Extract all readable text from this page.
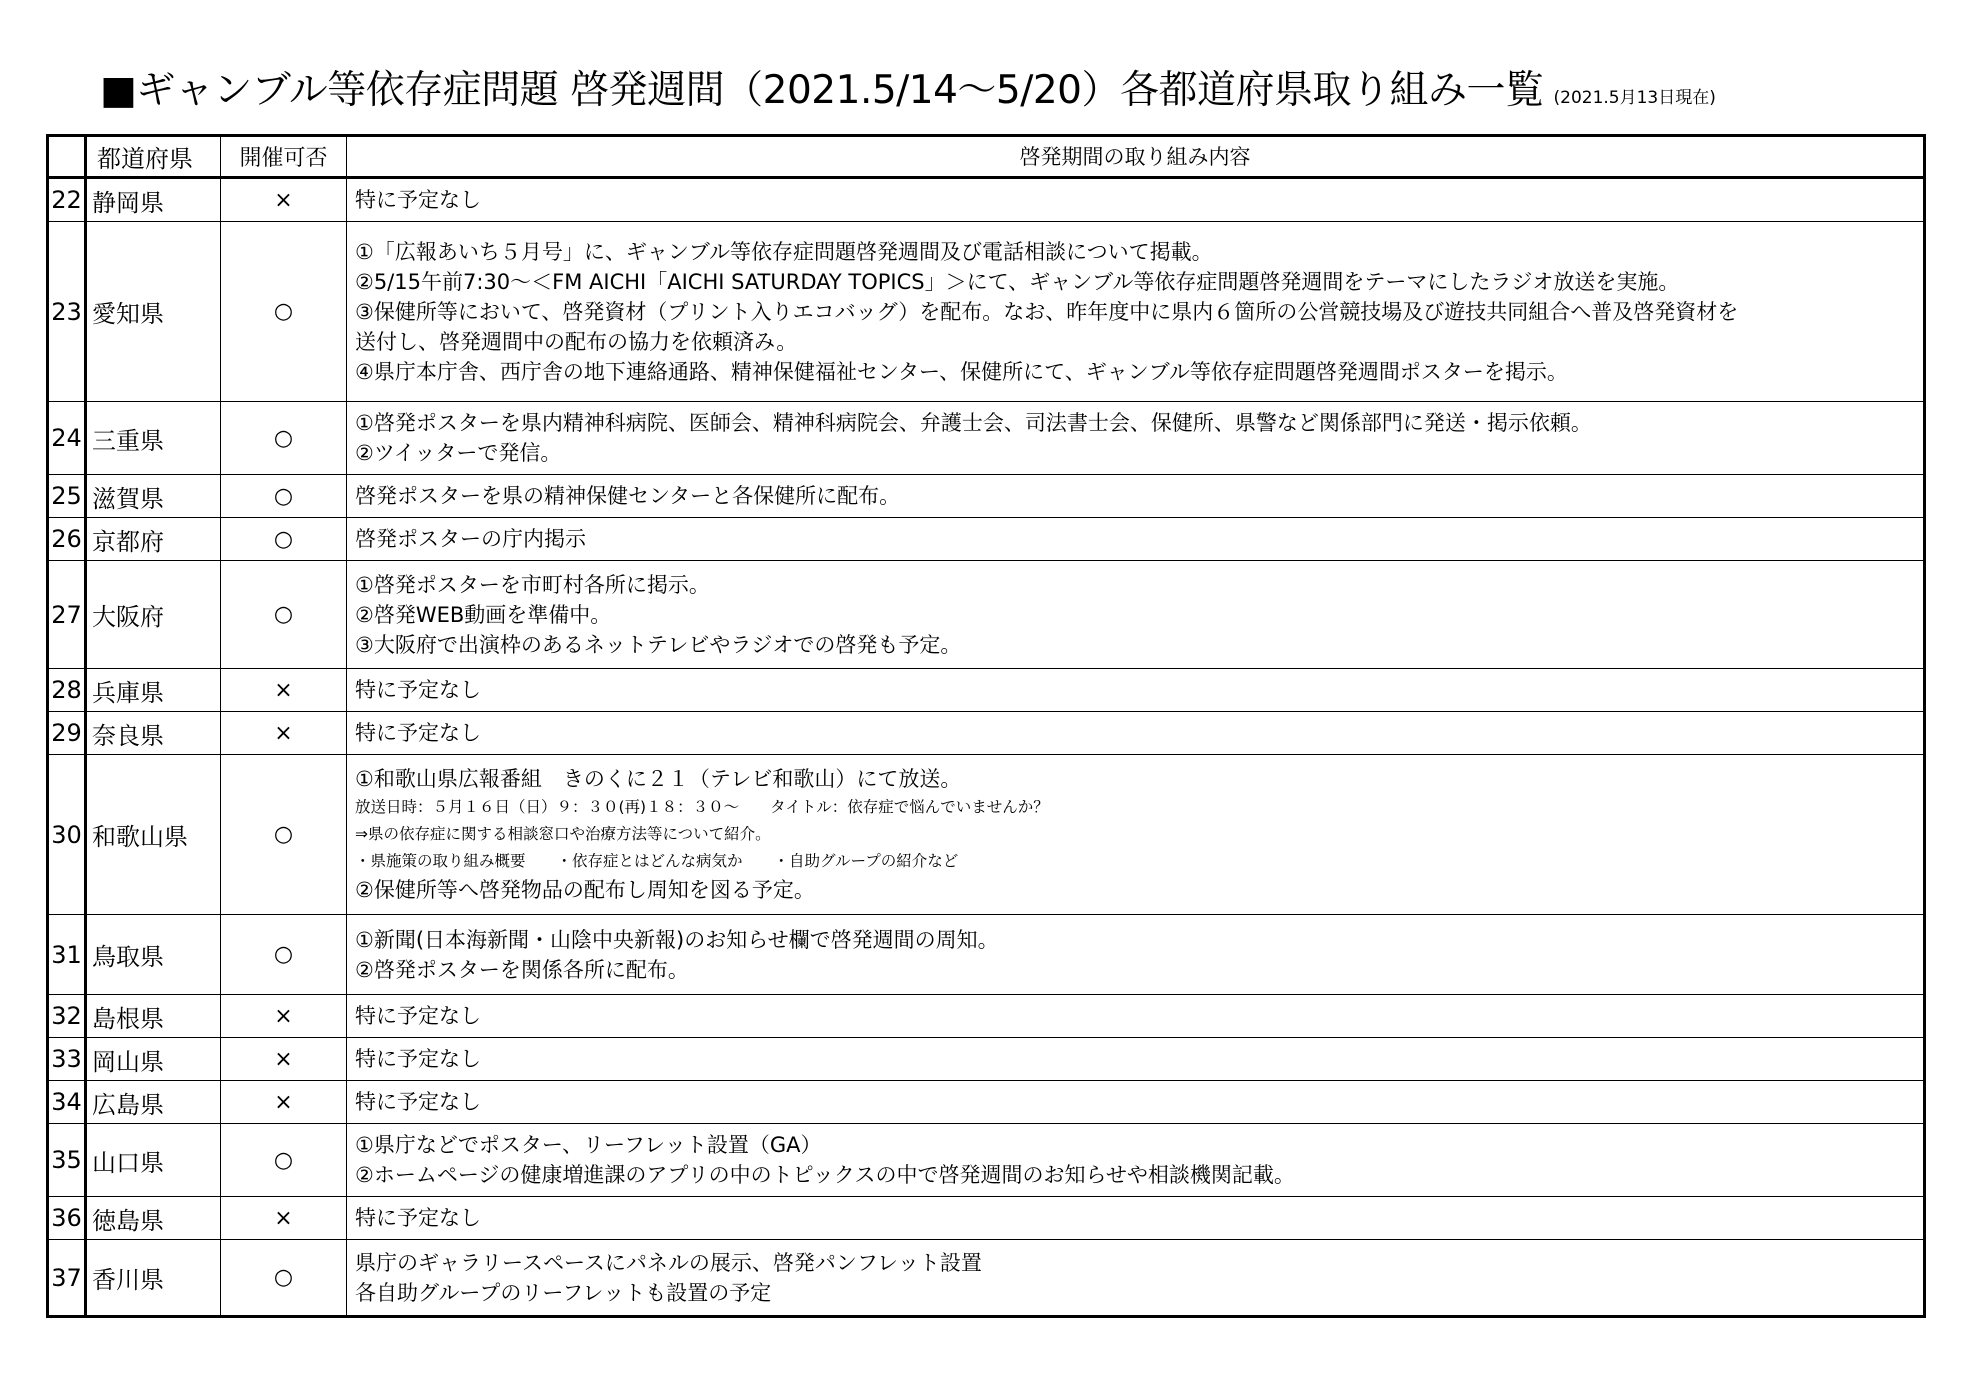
■ギャンブル等依存症問題 啓発週間（2021.5/14～5/20）各都道府県取り組み一覧 (2021.5月13日現在)
	都道府県	開催可否	啓発期間の取り組み内容
22	静岡県	×	特に予定なし

23	愛知県	○	①「広報あいち５月号」に、ギャンブル等依存症問題啓発週間及び電話相談について掲載。
②5/15午前7:30～＜FM AICHI「AICHI SATURDAY TOPICS」＞にて、ギャンブル等依存症問題啓発週間をテーマにしたラジオ放送を実施。
③保健所等において、啓発資材（プリント入りエコバッグ）を配布。なお、昨年度中に県内６箇所の公営競技場及び遊技共同組合へ普及啓発資材を
送付し、啓発週間中の配布の協力を依頼済み。
④県庁本庁舎、西庁舎の地下連絡通路、精神保健福祉センター、保健所にて、ギャンブル等依存症問題啓発週間ポスターを掲示。

24	三重県	○	①啓発ポスターを県内精神科病院、医師会、精神科病院会、弁護士会、司法書士会、保健所、県警など関係部門に発送・掲示依頼。
②ツイッターで発信。

25	滋賀県	○	啓発ポスターを県の精神保健センターと各保健所に配布。

26	京都府	○	啓発ポスターの庁内掲示

27	大阪府	○	①啓発ポスターを市町村各所に掲示。
②啓発WEB動画を準備中。
③大阪府で出演枠のあるネットテレビやラジオでの啓発も予定。

28	兵庫県	×	特に予定なし

29	奈良県	×	特に予定なし

30	和歌山県	○	①和歌山県広報番組　きのくに２１（テレビ和歌山）にて放送。
放送日時：５月１６日（日）９：３０(再)１８：３０～　　タイトル：依存症で悩んでいませんか？
⇒県の依存症に関する相談窓口や治療方法等について紹介。
・県施策の取り組み概要　　・依存症とはどんな病気か　　・自助グループの紹介など
②保健所等へ啓発物品の配布し周知を図る予定。

31	鳥取県	○	①新聞(日本海新聞・山陰中央新報)のお知らせ欄で啓発週間の周知。
②啓発ポスターを関係各所に配布。

32	島根県	×	特に予定なし

33	岡山県	×	特に予定なし

34	広島県	×	特に予定なし

35	山口県	○	①県庁などでポスター、リーフレット設置（GA）
②ホームページの健康増進課のアプリの中のトピックスの中で啓発週間のお知らせや相談機関記載。

36	徳島県	×	特に予定なし

37	香川県	○	県庁のギャラリースペースにパネルの展示、啓発パンフレット設置
各自助グループのリーフレットも設置の予定
